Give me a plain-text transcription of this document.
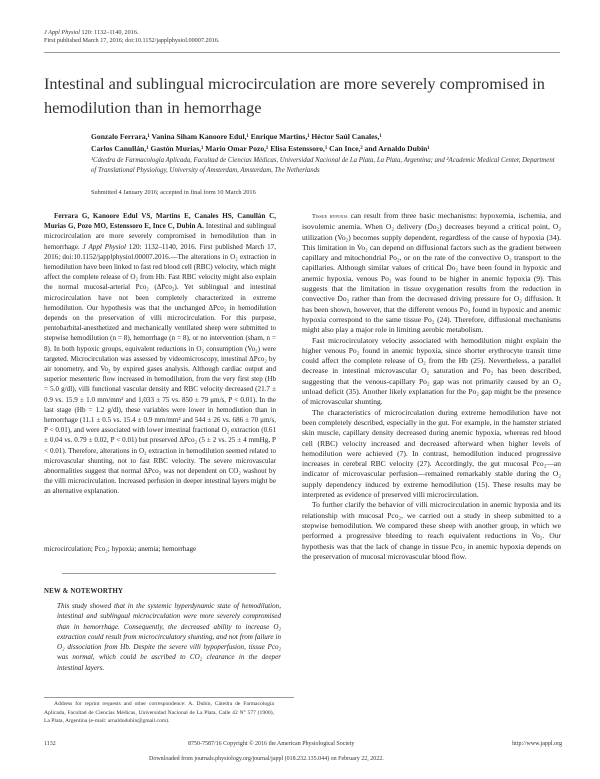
J Appl Physiol 120: 1132–1140, 2016.
First published March 17, 2016; doi:10.1152/japplphysiol.00007.2016.
Intestinal and sublingual microcirculation are more severely compromised in hemodilution than in hemorrhage
Gonzalo Ferrara,¹ Vanina Siham Kanoore Edul,¹ Enrique Martins,¹ Héctor Saúl Canales,¹
Carlos Canullán,¹ Gastón Murias,¹ Mario Omar Pozo,¹ Elisa Estenssoro,¹ Can Ince,² and Arnaldo Dubin¹
¹Cátedra de Farmacología Aplicada, Facultad de Ciencias Médicas, Universidad Nacional de La Plata, La Plata, Argentina; and ²Academic Medical Center, Department of Translational Physiology, University of Amsterdam, Amsterdam, The Netherlands
Submitted 4 January 2016; accepted in final form 10 March 2016
Ferrara G, Kanoore Edul VS, Martins E, Canales HS, Canullán C, Murias G, Pozo MO, Estenssoro E, Ince C, Dubin A. Intestinal and sublingual microcirculation are more severely compromised in hemodilution than in hemorrhage. J Appl Physiol 120: 1132–1140, 2016. First published March 17, 2016; doi:10.1152/japplphysiol.00007.2016.—The alterations in O₂ extraction in hemodilution have been linked to fast red blood cell (RBC) velocity, which might affect the complete release of O₂ from Hb. Fast RBC velocity might also explain the normal mucosal-arterial Pco₂ (ΔPco₂). Yet sublingual and intestinal microcirculation have not been completely characterized in extreme hemodilution. Our hypothesis was that the unchanged ΔPco₂ in hemodilution depends on the preservation of villi microcirculation. For this purpose, pentobarbital-anesthetized and mechanically ventilated sheep were submitted to stepwise hemodilution (n = 8), hemorrhage (n = 8), or no intervention (sham, n = 8). In both hypoxic groups, equivalent reductions in O₂ consumption (V̇o₂) were targeted. Microcirculation was assessed by videomicroscopy, intestinal ΔPco₂ by air tonometry, and V̇o₂ by expired gases analysis. Although cardiac output and superior mesenteric flow increased in hemodilution, from the very first step (Hb = 5.0 g/dl), villi functional vascular density and RBC velocity decreased (21.7 ± 0.9 vs. 15.9 ± 1.0 mm/mm² and 1,033 ± 75 vs. 850 ± 79 μm/s, P < 0.01). In the last stage (Hb = 1.2 g/dl), these variables were lower in hemodiution than in hemorrhage (11.1 ± 0.5 vs. 15.4 ± 0.9 mm/mm² and 544 ± 26 vs. 686 ± 70 μm/s, P < 0.01), and were associated with lower intestinal fractional O₂ extraction (0.61 ± 0.04 vs. 0.79 ± 0.02, P < 0.01) but preserved ΔPco₂ (5 ± 2 vs. 25 ± 4 mmHg, P < 0.01). Therefore, alterations in O₂ extraction in hemodilution seemed related to microvascular shunting, not to fast RBC velocity. The severe microvascular abnormalities suggest that normal ΔPco₂ was not dependent on CO₂ washout by the villi microcirculation. Increased perfusion in deeper intestinal layers might be an alternative explanation.
microcirculation; Pco₂; hypoxia; anemia; hemorrhage
NEW & NOTEWORTHY
This study showed that in the systemic hyperdynamic state of hemodilution, intestinal and sublingual microcirculation were more severely compromised than in hemorrhage. Consequently, the decreased ability to increase O₂ extraction could result from microcirculatory shunting, and not from failure in O₂ dissociation from Hb. Despite the severe villi hypoperfusion, tissue Pco₂ was normal, which could be ascribed to CO₂ clearance in the deeper intestinal layers.
Address for reprint requests and other correspondence: A. Dubin, Cátedra de Farmacología Aplicada, Facultad de Ciencias Médicas, Universidad Nacional de La Plata, Calle 42 N° 577 (1900), La Plata, Argentina (e-mail: arnaldodubin@gmail.com).
Tissue hypoxia can result from three basic mechanisms: hypoxemia, ischemia, and isovolemic anemia. When O₂ delivery (Ḋo₂) decreases beyond a critical point, O₂ utilization (V̇o₂) becomes supply dependent, regardless of the cause of hypoxia (34). This limitation in V̇o₂ can depend on diffusional factors such as the gradient between capillary and mitochondrial Po₂, or on the rate of the convective O₂ transport to the capillaries. Although similar values of critical Ḋo₂ have been found in hypoxic and anemic hypoxia, venous Po₂ was found to be higher in anemic hypoxia (9). This suggests that the limitation in tissue oxygenation results from the reduction in convective Ḋo₂ rather than from the decreased driving pressure for O₂ diffusion. It has been shown, however, that the different venous Po₂ found in hypoxic and anemic hypoxia correspond to the same tissue Po₂ (24). Therefore, diffusional mechanisms might also play a major role in limiting aerobic metabolism.
Fast microcirculatory velocity associated with hemodilution might explain the higher venous Po₂ found in anemic hypoxia, since shorter erythrocyte transit time could affect the complete release of O₂ from the Hb (25). Nevertheless, a parallel decrease in intestinal microvascular O₂ saturation and Po₂ has been described, suggesting that the venous-capillary Po₂ gap was not primarily caused by an O₂ unload deficit (35). Another likely explanation for the Po₂ gap might be the presence of microvascular shunting.
The characteristics of microcirculation during extreme hemodilution have not been completely described, especially in the gut. For example, in the hamster striated skin muscle, capillary density decreased during anemic hypoxia, whereas red blood cell (RBC) velocity increased and decreased afterward when higher levels of hemodilution were achieved (7). In contrast, hemodilution induced progressive increases in cerebral RBC velocity (27). Accordingly, the gut mucosal Pco₂—an indicator of microvascular perfusion—remained remarkably stable during the O₂ supply dependency induced by extreme hemodilution (15). These results may be interpreted as evidence of preserved villi microcirculation.
To further clarify the behavior of villi microcirculation in anemic hypoxia and its relationship with mucosal Pco₂, we carried out a study in sheep submitted to a stepwise hemodilution. We compared these sheep with another group, in which we performed a progressive bleeding to reach equivalent reductions in V̇o₂. Our hypothesis was that the lack of change in tissue Pco₂ in anemic hypoxia depends on the preservation of mucosal microvascular blood flow.
1132	8750-7587/16 Copyright © 2016 the American Physiological Society	http://www.jappl.org
Downloaded from journals.physiology.org/journal/jappl (018.232.135.044) on February 22, 2022.
